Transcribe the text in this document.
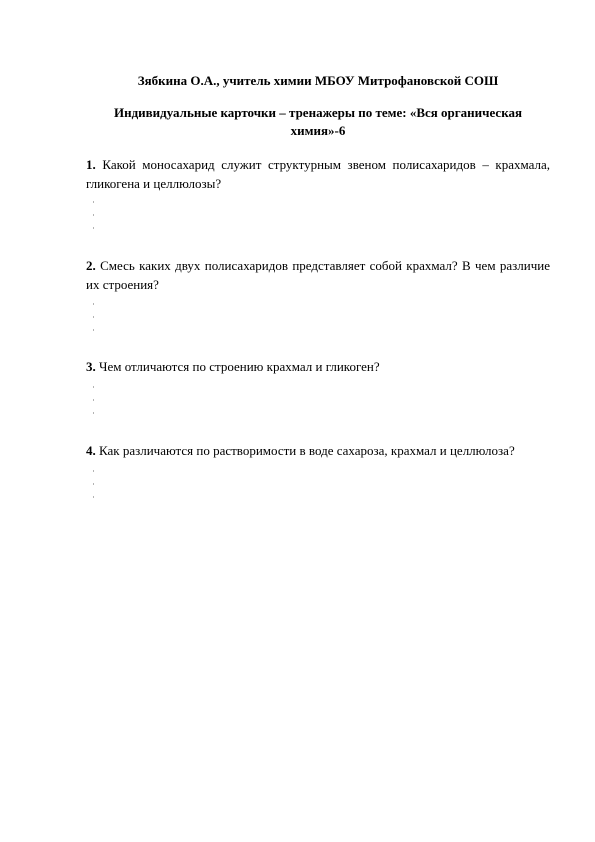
Зябкина О.А., учитель химии МБОУ Митрофановской СОШ
Индивидуальные карточки – тренажеры по теме: «Вся органическая химия»-6
1. Какой моносахарид служит структурным звеном полисахаридов – крахмала, гликогена и целлюлозы?
2. Смесь каких двух полисахаридов представляет собой крахмал? В чем различие их строения?
3. Чем отличаются по строению крахмал и гликоген?
4. Как различаются по растворимости в воде сахароза, крахмал и целлюлоза?
